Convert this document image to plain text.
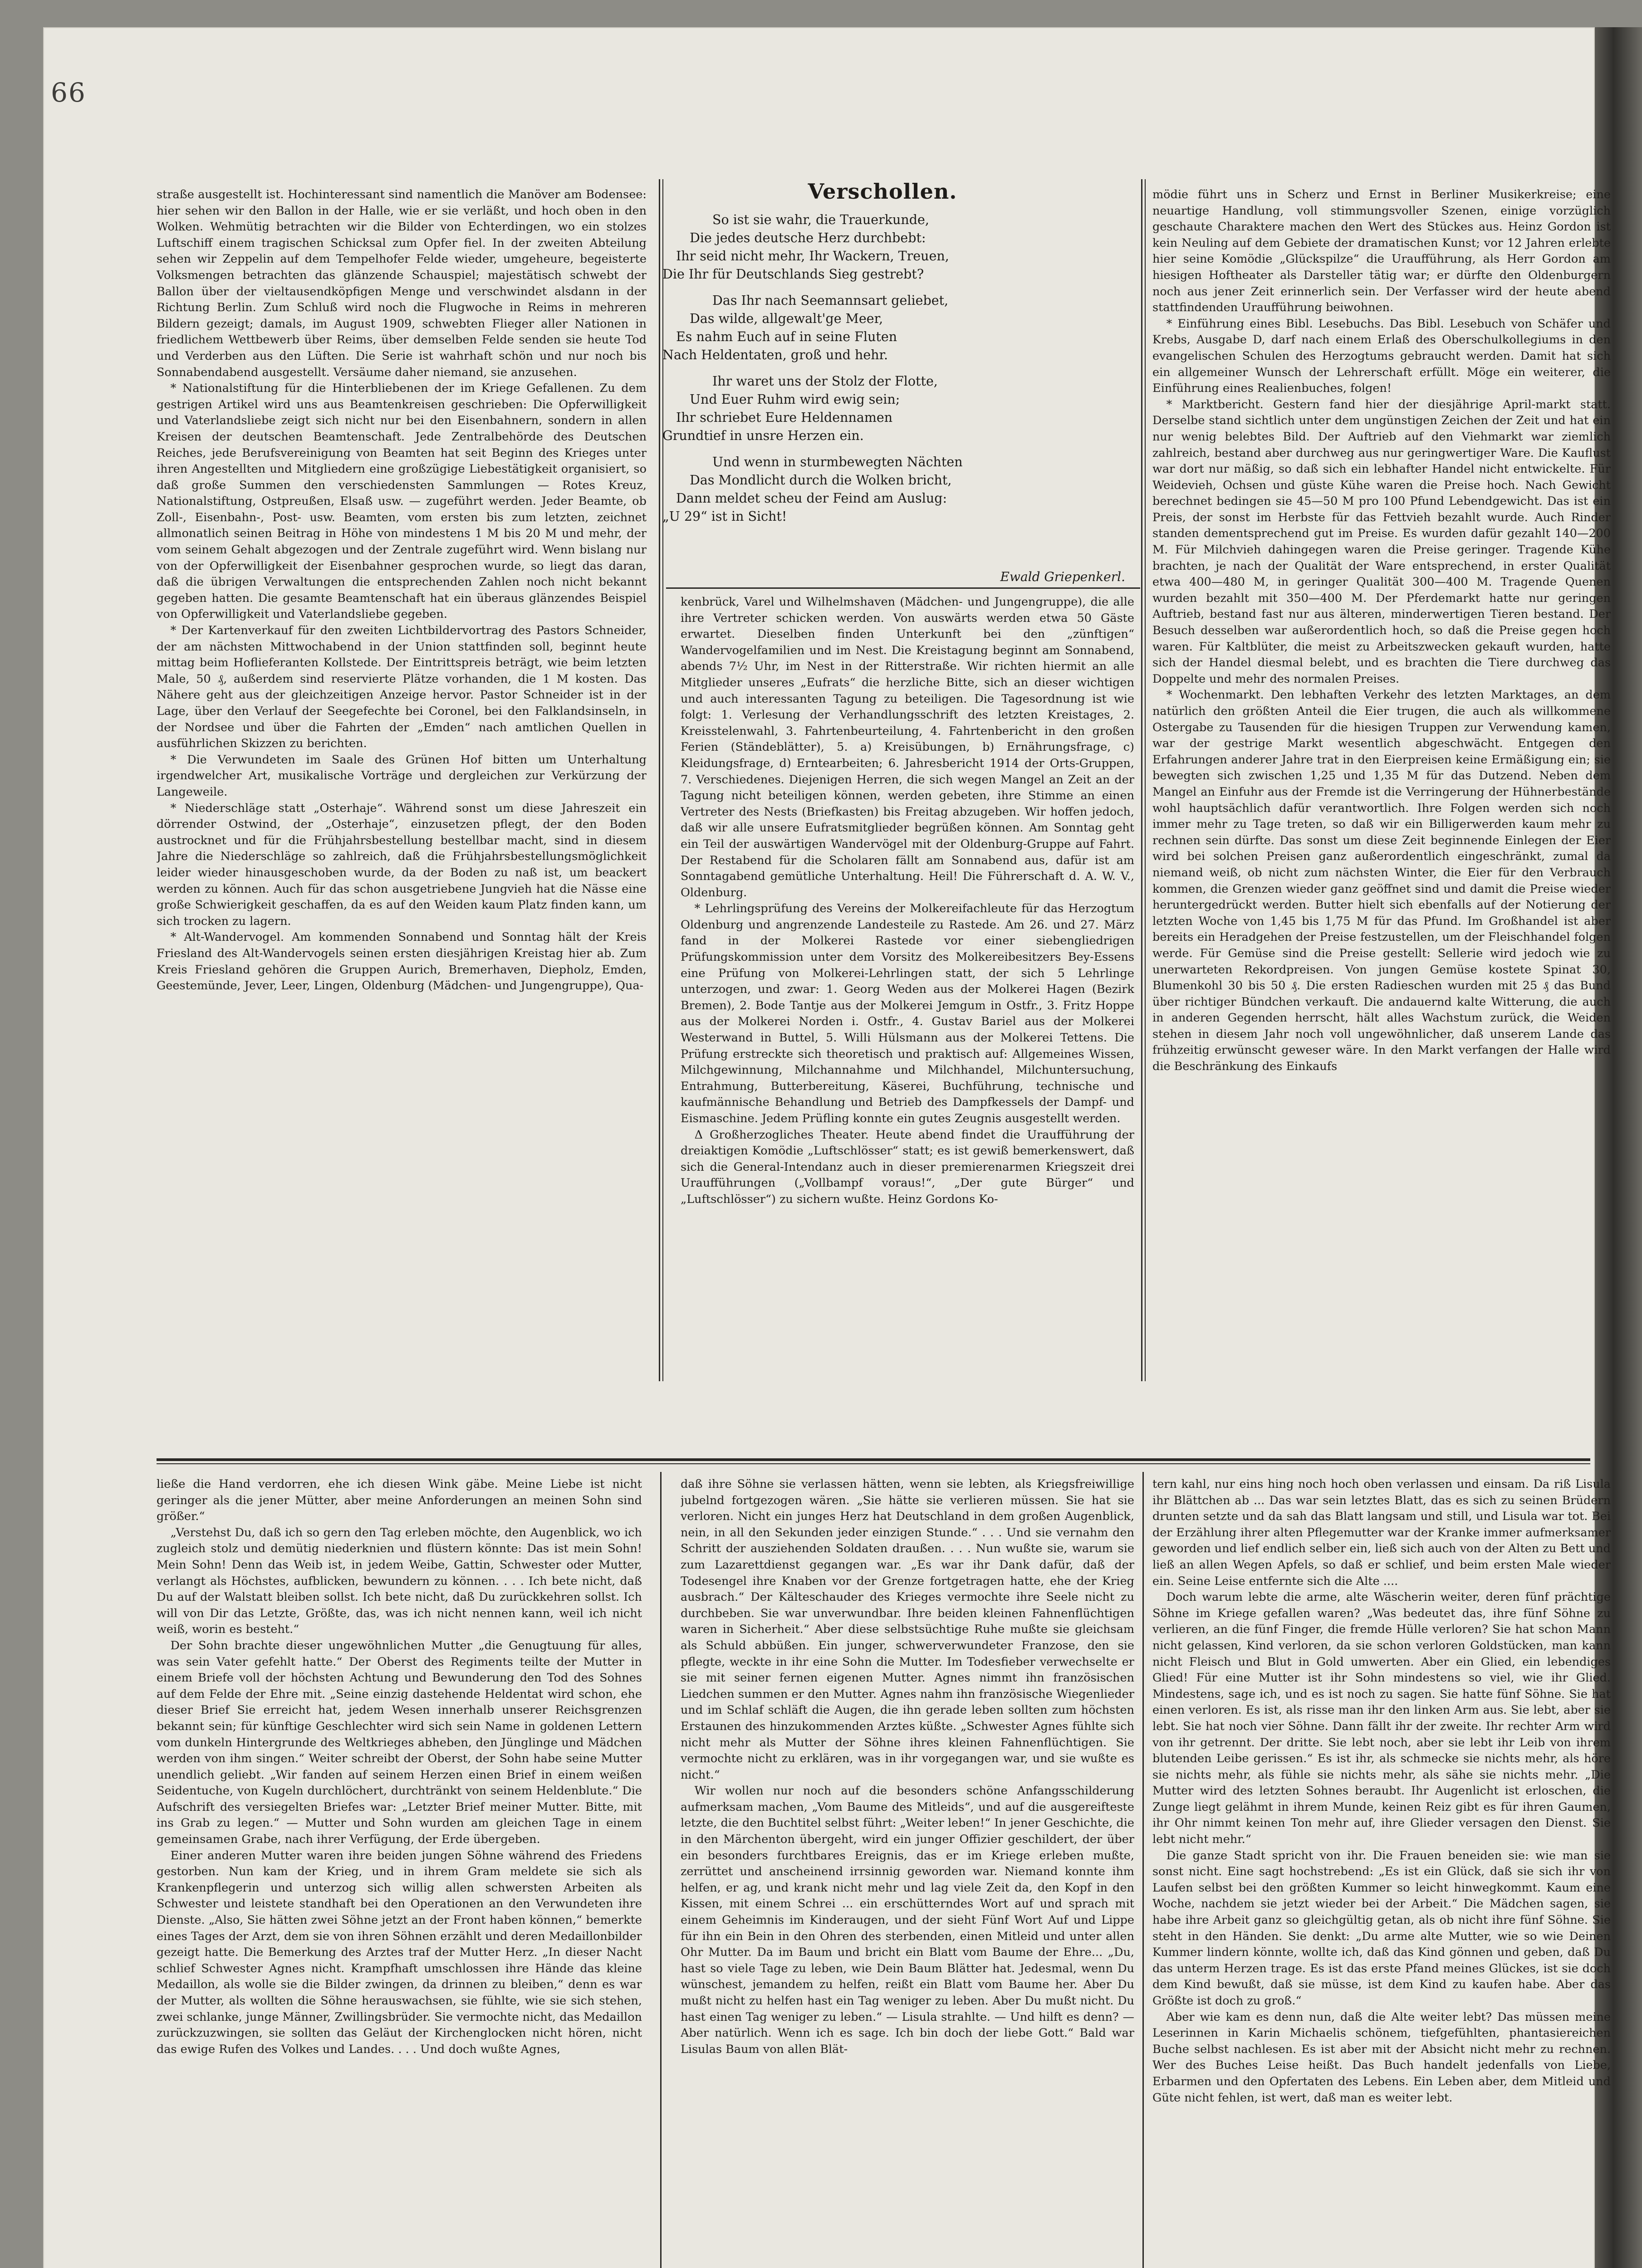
66
Verschollen.
So ist sie wahr, die Trauerkunde,
Die jedes deutsche Herz durchbebt:
Ihr seid nicht mehr, Ihr Wackern, Treuen,
Die Ihr für Deutschlands Sieg gestrebt?
Das Ihr nach Seemannsart geliebet,
Das wilde, allgewalt'ge Meer,
Es nahm Euch auf in seine Fluten
Nach Heldentaten, groß und hehr.
Ihr waret uns der Stolz der Flotte,
Und Euer Ruhm wird ewig sein;
Ihr schriebet Eure Heldennamen
Grundtief in unsre Herzen ein.
Und wenn in sturmbewegten Nächten
Das Mondlicht durch die Wolken bricht,
Dann meldet scheu der Feind am Auslug:
„U 29“ ist in Sicht!
Ewald Griepenkerl.

straße ausgestellt ist. Hochinteressant sind namentlich die Manöver am Bodensee: hier sehen wir den Ballon in der Halle, wie er sie verläßt, und hoch oben in den Wolken. Wehmütig betrachten wir die Bilder von Echterdingen, wo ein stolzes Luftschiff einem tragischen Schicksal zum Opfer fiel. In der zweiten Abteilung sehen wir Zeppelin auf dem Tempelhofer Felde wieder, umgeheure, begeisterte Volksmengen betrachten das glänzende Schauspiel; majestätisch schwebt der Ballon über der vieltausendköpfigen Menge und verschwindet alsdann in der Richtung Berlin. Zum Schluß wird noch die Flugwoche in Reims in mehreren Bildern gezeigt; damals, im August 1909, schwebten Flieger aller Nationen in friedlichem Wettbewerb über Reims, über demselben Felde senden sie heute Tod und Verderben aus den Lüften. Die Serie ist wahrhaft schön und nur noch bis Sonnabendabend ausgestellt. Versäume daher niemand, sie anzusehen.

* Nationalstiftung für die Hinterbliebenen der im Kriege Gefallenen. Zu dem gestrigen Artikel wird uns aus Beamtenkreisen geschrieben: Die Opferwilligkeit und Vaterlandsliebe zeigt sich nicht nur bei den Eisenbahnern, sondern in allen Kreisen der deutschen Beamtenschaft. Jede Zentralbehörde des Deutschen Reiches, jede Berufsvereinigung von Beamten hat seit Beginn des Krieges unter ihren Angestellten und Mitgliedern eine großzügige Liebestätigkeit organisiert, so daß große Summen den verschiedensten Sammlungen — Rotes Kreuz, Nationalstiftung, Ostpreußen, Elsaß usw. — zugeführt werden. Jeder Beamte, ob Zoll-, Eisenbahn-, Post- usw. Beamten, vom ersten bis zum letzten, zeichnet allmonatlich seinen Beitrag in Höhe von mindestens 1 M bis 20 M und mehr, der vom seinem Gehalt abgezogen und der Zentrale zugeführt wird. Wenn bislang nur von der Opferwilligkeit der Eisenbahner gesprochen wurde, so liegt das daran, daß die übrigen Verwaltungen die entsprechenden Zahlen noch nicht bekannt gegeben hatten. Die gesamte Beamtenschaft hat ein überaus glänzendes Beispiel von Opferwilligkeit und Vaterlandsliebe gegeben.

* Der Kartenverkauf für den zweiten Lichtbildervortrag des Pastors Schneider, der am nächsten Mittwochabend in der Union stattfinden soll, beginnt heute mittag beim Hoflieferanten Kollstede. Der Eintrittspreis beträgt, wie beim letzten Male, 50 ₰, außerdem sind reservierte Plätze vorhanden, die 1 M kosten. Das Nähere geht aus der gleichzeitigen Anzeige hervor. Pastor Schneider ist in der Lage, über den Verlauf der Seegefechte bei Coronel, bei den Falklandsinseln, in der Nordsee und über die Fahrten der „Emden“ nach amtlichen Quellen in ausführlichen Skizzen zu berichten.

* Die Verwundeten im Saale des Grünen Hof bitten um Unterhaltung irgendwelcher Art, musikalische Vorträge und dergleichen zur Verkürzung der Langeweile.

* Niederschläge statt „Osterhaje“. Während sonst um diese Jahreszeit ein dörrender Ostwind, der „Osterhaje“, einzusetzen pflegt, der den Boden austrocknet und für die Frühjahrsbestellung bestellbar macht, sind in diesem Jahre die Niederschläge so zahlreich, daß die Frühjahrsbestellungsmöglichkeit leider wieder hinausgeschoben wurde, da der Boden zu naß ist, um beackert werden zu können. Auch für das schon ausgetriebene Jungvieh hat die Nässe eine große Schwierigkeit geschaffen, da es auf den Weiden kaum Platz finden kann, um sich trocken zu lagern.

* Alt-Wandervogel. Am kommenden Sonnabend und Sonntag hält der Kreis Friesland des Alt-Wandervogels seinen ersten diesjährigen Kreistag hier ab. Zum Kreis Friesland gehören die Gruppen Aurich, Bremerhaven, Diepholz, Emden, Geestemünde, Jever, Leer, Lingen, Oldenburg (Mädchen- und Jungengruppe), Qua-

kenbrück, Varel und Wilhelmshaven (Mädchen- und Jungengruppe), die alle ihre Vertreter schicken werden. Von auswärts werden etwa 50 Gäste erwartet. Dieselben finden Unterkunft bei den „zünftigen“ Wandervogelfamilien und im Nest. Die Kreistagung beginnt am Sonnabend, abends 7½ Uhr, im Nest in der Ritterstraße. Wir richten hiermit an alle Mitglieder unseres „Eufrats“ die herzliche Bitte, sich an dieser wichtigen und auch interessanten Tagung zu beteiligen. Die Tagesordnung ist wie folgt: 1. Verlesung der Verhandlungsschrift des letzten Kreistages, 2. Kreisstelenwahl, 3. Fahrtenbeurteilung, 4. Fahrtenbericht in den großen Ferien (Ständeblätter), 5. a) Kreisübungen, b) Ernährungsfrage, c) Kleidungsfrage, d) Erntearbeiten; 6. Jahresbericht 1914 der Orts-Gruppen, 7. Verschiedenes. Diejenigen Herren, die sich wegen Mangel an Zeit an der Tagung nicht beteiligen können, werden gebeten, ihre Stimme an einen Vertreter des Nests (Briefkasten) bis Freitag abzugeben. Wir hoffen jedoch, daß wir alle unsere Eufratsmitglieder begrüßen können. Am Sonntag geht ein Teil der auswärtigen Wandervögel mit der Oldenburg-Gruppe auf Fahrt. Der Restabend für die Scholaren fällt am Sonnabend aus, dafür ist am Sonntagabend gemütliche Unterhaltung. Heil! Die Führerschaft d. A. W. V., Oldenburg.

* Lehrlingsprüfung des Vereins der Molkereifachleute für das Herzogtum Oldenburg und angrenzende Landesteile zu Rastede. Am 26. und 27. März fand in der Molkerei Rastede vor einer siebengliedrigen Prüfungskommission unter dem Vorsitz des Molkereibesitzers Bey-Essens eine Prüfung von Molkerei-Lehrlingen statt, der sich 5 Lehrlinge unterzogen, und zwar: 1. Georg Weden aus der Molkerei Hagen (Bezirk Bremen), 2. Bode Tantje aus der Molkerei Jemgum in Ostfr., 3. Fritz Hoppe aus der Molkerei Norden i. Ostfr., 4. Gustav Bariel aus der Molkerei Westerwand in Buttel, 5. Willi Hülsmann aus der Molkerei Tettens. Die Prüfung erstreckte sich theoretisch und praktisch auf: Allgemeines Wissen, Milchgewinnung, Milchannahme und Milchhandel, Milchuntersuchung, Entrahmung, Butterbereitung, Käserei, Buchführung, technische und kaufmännische Behandlung und Betrieb des Dampfkessels der Dampf- und Eismaschine. Jedem Prüfling konnte ein gutes Zeugnis ausgestellt werden.

Δ Großherzogliches Theater. Heute abend findet die Uraufführung der dreiaktigen Komödie „Luftschlösser“ statt; es ist gewiß bemerkenswert, daß sich die General-Intendanz auch in dieser premierenarmen Kriegszeit drei Uraufführungen („Vollbampf voraus!“, „Der gute Bürger“ und „Luftschlösser“) zu sichern wußte. Heinz Gordons Ko-

mödie führt uns in Scherz und Ernst in Berliner Musikerkreise; eine neuartige Handlung, voll stimmungsvoller Szenen, einige vorzüglich geschaute Charaktere machen den Wert des Stückes aus. Heinz Gordon ist kein Neuling auf dem Gebiete der dramatischen Kunst; vor 12 Jahren erlebte hier seine Komödie „Glückspilze“ die Uraufführung, als Herr Gordon am hiesigen Hoftheater als Darsteller tätig war; er dürfte den Oldenburgern noch aus jener Zeit erinnerlich sein. Der Verfasser wird der heute abend stattfindenden Uraufführung beiwohnen.

* Einführung eines Bibl. Lesebuchs. Das Bibl. Lesebuch von Schäfer und Krebs, Ausgabe D, darf nach einem Erlaß des Oberschulkollegiums in den evangelischen Schulen des Herzogtums gebraucht werden. Damit hat sich ein allgemeiner Wunsch der Lehrerschaft erfüllt. Möge ein weiterer, die Einführung eines Realienbuches, folgen!

* Marktbericht. Gestern fand hier der diesjährige April-markt statt. Derselbe stand sichtlich unter dem ungünstigen Zeichen der Zeit und hat ein nur wenig belebtes Bild. Der Auftrieb auf den Viehmarkt war ziemlich zahlreich, bestand aber durchweg aus nur geringwertiger Ware. Die Kauflust war dort nur mäßig, so daß sich ein lebhafter Handel nicht entwickelte. Für Weidevieh, Ochsen und güste Kühe waren die Preise hoch. Nach Gewicht berechnet bedingen sie 45—50 M pro 100 Pfund Lebendgewicht. Das ist ein Preis, der sonst im Herbste für das Fettvieh bezahlt wurde. Auch Rinder standen dementsprechend gut im Preise. Es wurden dafür gezahlt 140—200 M. Für Milchvieh dahingegen waren die Preise geringer. Tragende Kühe brachten, je nach der Qualität der Ware entsprechend, in erster Qualität etwa 400—480 M, in geringer Qualität 300—400 M. Tragende Quenen wurden bezahlt mit 350—400 M. Der Pferdemarkt hatte nur geringen Auftrieb, bestand fast nur aus älteren, minderwertigen Tieren bestand. Der Besuch desselben war außerordentlich hoch, so daß die Preise gegen hoch waren. Für Kaltblüter, die meist zu Arbeitszwecken gekauft wurden, hatte sich der Handel diesmal belebt, und es brachten die Tiere durchweg das Doppelte und mehr des normalen Preises.

* Wochenmarkt. Den lebhaften Verkehr des letzten Marktages, an dem natürlich den größten Anteil die Eier trugen, die auch als willkommene Ostergabe zu Tausenden für die hiesigen Truppen zur Verwendung kamen, war der gestrige Markt wesentlich abgeschwächt. Entgegen den Erfahrungen anderer Jahre trat in den Eierpreisen keine Ermäßigung ein; sie bewegten sich zwischen 1,25 und 1,35 M für das Dutzend. Neben dem Mangel an Einfuhr aus der Fremde ist die Verringerung der Hühnerbestände wohl hauptsächlich dafür verantwortlich. Ihre Folgen werden sich noch immer mehr zu Tage treten, so daß wir ein Billigerwerden kaum mehr zu rechnen sein dürfte. Das sonst um diese Zeit beginnende Einlegen der Eier wird bei solchen Preisen ganz außerordentlich eingeschränkt, zumal da niemand weiß, ob nicht zum nächsten Winter, die Eier für den Verbrauch kommen, die Grenzen wieder ganz geöffnet sind und damit die Preise wieder heruntergedrückt werden. Butter hielt sich ebenfalls auf der Notierung der letzten Woche von 1,45 bis 1,75 M für das Pfund. Im Großhandel ist aber bereits ein Heradgehen der Preise festzustellen, um der Fleischhandel folgen werde. Für Gemüse sind die Preise gestellt: Sellerie wird jedoch wie zu unerwarteten Rekordpreisen. Von jungen Gemüse kostete Spinat 30, Blumenkohl 30 bis 50 ₰. Die ersten Radieschen wurden mit 25 ₰ das Bund über richtiger Bündchen verkauft. Die andauernd kalte Witterung, die auch in anderen Gegenden herrscht, hält alles Wachstum zurück, die Weiden stehen in diesem Jahr noch voll ungewöhnlicher, daß unserem Lande das frühzeitig erwünscht geweser wäre. In den Markt verfangen der Halle wird die Beschränkung des Einkaufs

ließe die Hand verdorren, ehe ich diesen Wink gäbe. Meine Liebe ist nicht geringer als die jener Mütter, aber meine Anforderungen an meinen Sohn sind größer.“

„Verstehst Du, daß ich so gern den Tag erleben möchte, den Augenblick, wo ich zugleich stolz und demütig niederknien und flüstern könnte: Das ist mein Sohn! Mein Sohn! Denn das Weib ist, in jedem Weibe, Gattin, Schwester oder Mutter, verlangt als Höchstes, aufblicken, bewundern zu können. . . . Ich bete nicht, daß Du auf der Walstatt bleiben sollst. Ich bete nicht, daß Du zurückkehren sollst. Ich will von Dir das Letzte, Größte, das, was ich nicht nennen kann, weil ich nicht weiß, worin es besteht.“

Der Sohn brachte dieser ungewöhnlichen Mutter „die Genugtuung für alles, was sein Vater gefehlt hatte.“ Der Oberst des Regiments teilte der Mutter in einem Briefe voll der höchsten Achtung und Bewunderung den Tod des Sohnes auf dem Felde der Ehre mit. „Seine einzig dastehende Heldentat wird schon, ehe dieser Brief Sie erreicht hat, jedem Wesen innerhalb unserer Reichsgrenzen bekannt sein; für künftige Geschlechter wird sich sein Name in goldenen Lettern vom dunkeln Hintergrunde des Weltkrieges abheben, den Jünglinge und Mädchen werden von ihm singen.“ Weiter schreibt der Oberst, der Sohn habe seine Mutter unendlich geliebt. „Wir fanden auf seinem Herzen einen Brief in einem weißen Seidentuche, von Kugeln durchlöchert, durchtränkt von seinem Heldenblute.“ Die Aufschrift des versiegelten Briefes war: „Letzter Brief meiner Mutter. Bitte, mit ins Grab zu legen.“ — Mutter und Sohn wurden am gleichen Tage in einem gemeinsamen Grabe, nach ihrer Verfügung, der Erde übergeben.

Einer anderen Mutter waren ihre beiden jungen Söhne während des Friedens gestorben. Nun kam der Krieg, und in ihrem Gram meldete sie sich als Krankenpflegerin und unterzog sich willig allen schwersten Arbeiten als Schwester und leistete standhaft bei den Operationen an den Verwundeten ihre Dienste. „Also, Sie hätten zwei Söhne jetzt an der Front haben können,“ bemerkte eines Tages der Arzt, dem sie von ihren Söhnen erzählt und deren Medaillonbilder gezeigt hatte. Die Bemerkung des Arztes traf der Mutter Herz. „In dieser Nacht schlief Schwester Agnes nicht. Krampfhaft umschlossen ihre Hände das kleine Medaillon, als wolle sie die Bilder zwingen, da drinnen zu bleiben,“ denn es war der Mutter, als wollten die Söhne herauswachsen, sie fühlte, wie sie sich stehen, zwei schlanke, junge Männer, Zwillingsbrüder. Sie vermochte nicht, das Medaillon zurückzuzwingen, sie sollten das Geläut der Kirchenglocken nicht hören, nicht das ewige Rufen des Volkes und Landes. . . . Und doch wußte Agnes,

daß ihre Söhne sie verlassen hätten, wenn sie lebten, als Kriegsfreiwillige jubelnd fortgezogen wären. „Sie hätte sie verlieren müssen. Sie hat sie verloren. Nicht ein junges Herz hat Deutschland in dem großen Augenblick, nein, in all den Sekunden jeder einzigen Stunde.“ . . . Und sie vernahm den Schritt der ausziehenden Soldaten draußen. . . . Nun wußte sie, warum sie zum Lazarettdienst gegangen war. „Es war ihr Dank dafür, daß der Todesengel ihre Knaben vor der Grenze fortgetragen hatte, ehe der Krieg ausbrach.“ Der Kälteschauder des Krieges vermochte ihre Seele nicht zu durchbeben. Sie war unverwundbar. Ihre beiden kleinen Fahnenflüchtigen waren in Sicherheit.“ Aber diese selbstsüchtige Ruhe mußte sie gleichsam als Schuld abbüßen. Ein junger, schwerverwundeter Franzose, den sie pflegte, weckte in ihr eine Sohn die Mutter. Im Todesfieber verwechselte er sie mit seiner fernen eigenen Mutter. Agnes nimmt ihn französischen Liedchen summen er den Mutter. Agnes nahm ihn französische Wiegenlieder und im Schlaf schläft die Augen, die ihn gerade leben sollten zum höchsten Erstaunen des hinzukommenden Arztes küßte. „Schwester Agnes fühlte sich nicht mehr als Mutter der Söhne ihres kleinen Fahnenflüchtigen. Sie vermochte nicht zu erklären, was in ihr vorgegangen war, und sie wußte es nicht.“

Wir wollen nur noch auf die besonders schöne Anfangsschilderung aufmerksam machen, „Vom Baume des Mitleids“, und auf die ausgereifteste letzte, die den Buchtitel selbst führt: „Weiter leben!“ In jener Geschichte, die in den Märchenton übergeht, wird ein junger Offizier geschildert, der über ein besonders furchtbares Ereignis, das er im Kriege erleben mußte, zerrüttet und anscheinend irrsinnig geworden war. Niemand konnte ihm helfen, er ag, und krank nicht mehr und lag viele Zeit da, den Kopf in den Kissen, mit einem Schrei ... ein erschütterndes Wort auf und sprach mit einem Geheimnis im Kinderaugen, und der sieht Fünf Wort Auf und Lippe für ihn ein Bein in den Ohren des sterbenden, einen Mitleid und unter allen Ohr Mutter. Da im Baum und bricht ein Blatt vom Baume der Ehre... „Du, hast so viele Tage zu leben, wie Dein Baum Blätter hat. Jedesmal, wenn Du wünschest, jemandem zu helfen, reißt ein Blatt vom Baume her. Aber Du mußt nicht zu helfen hast ein Tag weniger zu leben. Aber Du mußt nicht. Du hast einen Tag weniger zu leben.“ — Lisula strahlte. — Und hilft es denn? — Aber natürlich. Wenn ich es sage. Ich bin doch der liebe Gott.“ Bald war Lisulas Baum von allen Blät-

tern kahl, nur eins hing noch hoch oben verlassen und einsam. Da riß Lisula ihr Blättchen ab ... Das war sein letztes Blatt, das es sich zu seinen Brüdern drunten setzte und da sah das Blatt langsam und still, und Lisula war tot. Bei der Erzählung ihrer alten Pflegemutter war der Kranke immer aufmerksamer geworden und lief endlich selber ein, ließ sich auch von der Alten zu Bett und ließ an allen Wegen Apfels, so daß er schlief, und beim ersten Male wieder ein. Seine Leise entfernte sich die Alte ....

Doch warum lebte die arme, alte Wäscherin weiter, deren fünf prächtige Söhne im Kriege gefallen waren? „Was bedeutet das, ihre fünf Söhne zu verlieren, an die fünf Finger, die fremde Hülle verloren? Sie hat schon Mann nicht gelassen, Kind verloren, da sie schon verloren Goldstücken, man kann nicht Fleisch und Blut in Gold umwerten. Aber ein Glied, ein lebendiges Glied! Für eine Mutter ist ihr Sohn mindestens so viel, wie ihr Glied. Mindestens, sage ich, und es ist noch zu sagen. Sie hatte fünf Söhne. Sie hat einen verloren. Es ist, als risse man ihr den linken Arm aus. Sie lebt, aber sie lebt. Sie hat noch vier Söhne. Dann fällt ihr der zweite. Ihr rechter Arm wird von ihr getrennt. Der dritte. Sie lebt noch, aber sie lebt ihr Leib von ihrem blutenden Leibe gerissen.“ Es ist ihr, als schmecke sie nichts mehr, als höre sie nichts mehr, als fühle sie nichts mehr, als sähe sie nichts mehr. „Die Mutter wird des letzten Sohnes beraubt. Ihr Augenlicht ist erloschen, die Zunge liegt gelähmt in ihrem Munde, keinen Reiz gibt es für ihren Gaumen, ihr Ohr nimmt keinen Ton mehr auf, ihre Glieder versagen den Dienst. Sie lebt nicht mehr.“

Die ganze Stadt spricht von ihr. Die Frauen beneiden sie: wie man sie sonst nicht. Eine sagt hochstrebend: „Es ist ein Glück, daß sie sich ihr von Laufen selbst bei den größten Kummer so leicht hinwegkommt. Kaum eine Woche, nachdem sie jetzt wieder bei der Arbeit.“ Die Mädchen sagen, sie habe ihre Arbeit ganz so gleichgültig getan, als ob nicht ihre fünf Söhne. Sie steht in den Händen. Sie denkt: „Du arme alte Mutter, wie so wie Deinen Kummer lindern könnte, wollte ich, daß das Kind gönnen und geben, daß Du das unterm Herzen trage. Es ist das erste Pfand meines Glückes, ist sie doch dem Kind bewußt, daß sie müsse, ist dem Kind zu kaufen habe. Aber das Größte ist doch zu groß.“

Aber wie kam es denn nun, daß die Alte weiter lebt? Das müssen meine Leserinnen in Karin Michaelis schönem, tiefgefühlten, phantasiereichen Buche selbst nachlesen. Es ist aber mit der Absicht nicht mehr zu rechnen. Wer des Buches Leise heißt. Das Buch handelt jedenfalls von Liebe, Erbarmen und den Opfertaten des Lebens. Ein Leben aber, dem Mitleid und Güte nicht fehlen, ist wert, daß man es weiter lebt.
